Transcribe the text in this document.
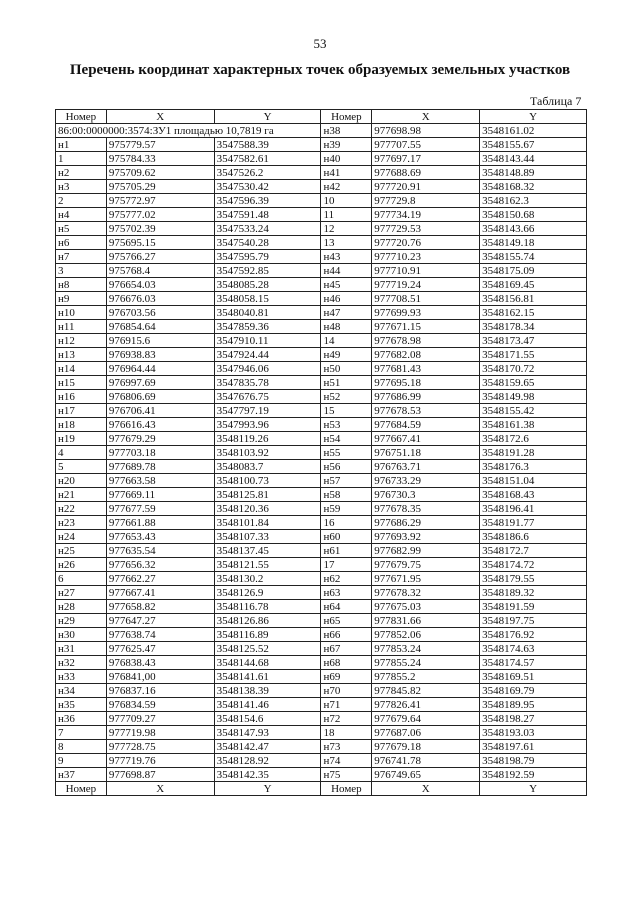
53
Перечень координат характерных точек образуемых земельных участков
Таблица 7
Номер	X	Y	Номер	X	Y
86:00:0000000:3574:ЗУ1 площадью 10,7819 га			н38	977698.98	3548161.02
н1	975779.57	3547588.39	н39	977707.55	3548155.67
1	975784.33	3547582.61	н40	977697.17	3548143.44
н2	975709.62	3547526.2	н41	977688.69	3548148.89
н3	975705.29	3547530.42	н42	977720.91	3548168.32
2	975772.97	3547596.39	10	977729.8	3548162.3
н4	975777.02	3547591.48	11	977734.19	3548150.68
н5	975702.39	3547533.24	12	977729.53	3548143.66
н6	975695.15	3547540.28	13	977720.76	3548149.18
н7	975766.27	3547595.79	н43	977710.23	3548155.74
3	975768.4	3547592.85	н44	977710.91	3548175.09
н8	976654.03	3548085.28	н45	977719.24	3548169.45
н9	976676.03	3548058.15	н46	977708.51	3548156.81
н10	976703.56	3548040.81	н47	977699.93	3548162.15
н11	976854.64	3547859.36	н48	977671.15	3548178.34
н12	976915.6	3547910.11	14	977678.98	3548173.47
н13	976938.83	3547924.44	н49	977682.08	3548171.55
н14	976964.44	3547946.06	н50	977681.43	3548170.72
н15	976997.69	3547835.78	н51	977695.18	3548159.65
н16	976806.69	3547676.75	н52	977686.99	3548149.98
н17	976706.41	3547797.19	15	977678.53	3548155.42
н18	976616.43	3547993.96	н53	977684.59	3548161.38
н19	977679.29	3548119.26	н54	977667.41	3548172.6
4	977703.18	3548103.92	н55	976751.18	3548191.28
5	977689.78	3548083.7	н56	976763.71	3548176.3
н20	977663.58	3548100.73	н57	976733.29	3548151.04
н21	977669.11	3548125.81	н58	976730.3	3548168.43
н22	977677.59	3548120.36	н59	977678.35	3548196.41
н23	977661.88	3548101.84	16	977686.29	3548191.77
н24	977653.43	3548107.33	н60	977693.92	3548186.6
н25	977635.54	3548137.45	н61	977682.99	3548172.7
н26	977656.32	3548121.55	17	977679.75	3548174.72
6	977662.27	3548130.2	н62	977671.95	3548179.55
н27	977667.41	3548126.9	н63	977678.32	3548189.32
н28	977658.82	3548116.78	н64	977675.03	3548191.59
н29	977647.27	3548126.86	н65	977831.66	3548197.75
н30	977638.74	3548116.89	н66	977852.06	3548176.92
н31	977625.47	3548125.52	н67	977853.24	3548174.63
н32	976838.43	3548144.68	н68	977855.24	3548174.57
н33	976841,00	3548141.61	н69	977855.2	3548169.51
н34	976837.16	3548138.39	н70	977845.82	3548169.79
н35	976834.59	3548141.46	н71	977826.41	3548189.95
н36	977709.27	3548154.6	н72	977679.64	3548198.27
7	977719.98	3548147.93	18	977687.06	3548193.03
8	977728.75	3548142.47	н73	977679.18	3548197.61
9	977719.76	3548128.92	н74	976741.78	3548198.79
н37	977698.87	3548142.35	н75	976749.65	3548192.59
Номер	X	Y	Номер	X	Y
